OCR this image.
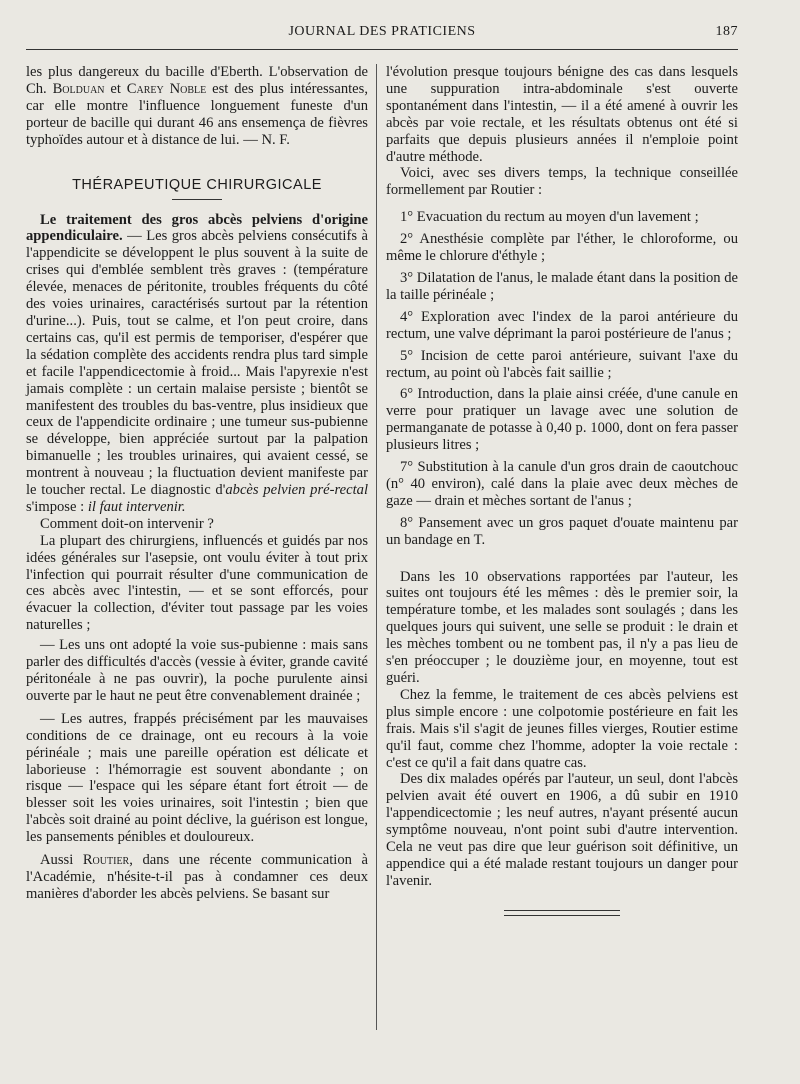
JOURNAL DES PRATICIENS	187

les plus dangereux du bacille d'Eberth. L'observation de Ch. Bolduan et Carey Noble est des plus intéressantes, car elle montre l'influence longuement funeste d'un porteur de bacille qui durant 46 ans ensemença de fièvres typhoïdes autour et à distance de lui. — N. F.

THÉRAPEUTIQUE CHIRURGICALE

Le traitement des gros abcès pelviens d'origine appendiculaire. — Les gros abcès pelviens consécutifs à l'appendicite se développent le plus souvent à la suite de crises qui d'emblée semblent très graves : (température élevée, menaces de péritonite, troubles fréquents du côté des voies urinaires, caractérisés surtout par la rétention d'urine...). Puis, tout se calme, et l'on peut croire, dans certains cas, qu'il est permis de temporiser, d'espérer que la sédation complète des accidents rendra plus tard simple et facile l'appendicectomie à froid... Mais l'apyrexie n'est jamais complète : un certain malaise persiste ; bientôt se manifestent des troubles du bas-ventre, plus insidieux que ceux de l'appendicite ordinaire ; une tumeur sus-pubienne se développe, bien appréciée surtout par la palpation bimanuelle ; les troubles urinaires, qui avaient cessé, se montrent à nouveau ; la fluctuation devient manifeste par le toucher rectal. Le diagnostic d'abcès pelvien pré-rectal s'impose : il faut intervenir.

Comment doit-on intervenir ?

La plupart des chirurgiens, influencés et guidés par nos idées générales sur l'asepsie, ont voulu éviter à tout prix l'infection qui pourrait résulter d'une communication de ces abcès avec l'intestin, — et se sont efforcés, pour évacuer la collection, d'éviter tout passage par les voies naturelles ;

— Les uns ont adopté la voie sus-pubienne : mais sans parler des difficultés d'accès (vessie à éviter, grande cavité péritonéale à ne pas ouvrir), la poche purulente ainsi ouverte par le haut ne peut être convenablement drainée ;

— Les autres, frappés précisément par les mauvaises conditions de ce drainage, ont eu recours à la voie périnéale ; mais une pareille opération est délicate et laborieuse : l'hémorragie est souvent abondante ; on risque — l'espace qui les sépare étant fort étroit — de blesser soit les voies urinaires, soit l'intestin ; bien que l'abcès soit drainé au point déclive, la guérison est longue, les pansements pénibles et douloureux.

Aussi Routier, dans une récente communication à l'Académie, n'hésite-t-il pas à condamner ces deux manières d'aborder les abcès pelviens. Se basant sur

l'évolution presque toujours bénigne des cas dans lesquels une suppuration intra-abdominale s'est ouverte spontanément dans l'intestin, — il a été amené à ouvrir les abcès par voie rectale, et les résultats obtenus ont été si parfaits que depuis plusieurs années il n'emploie point d'autre méthode.

Voici, avec ses divers temps, la technique conseillée formellement par Routier :

1° Evacuation du rectum au moyen d'un lavement ;

2° Anesthésie complète par l'éther, le chloroforme, ou même le chlorure d'éthyle ;

3° Dilatation de l'anus, le malade étant dans la position de la taille périnéale ;

4° Exploration avec l'index de la paroi antérieure du rectum, une valve déprimant la paroi postérieure de l'anus ;

5° Incision de cette paroi antérieure, suivant l'axe du rectum, au point où l'abcès fait saillie ;

6° Introduction, dans la plaie ainsi créée, d'une canule en verre pour pratiquer un lavage avec une solution de permanganate de potasse à 0,40 p. 1000, dont on fera passer plusieurs litres ;

7° Substitution à la canule d'un gros drain de caoutchouc (n° 40 environ), calé dans la plaie avec deux mèches de gaze — drain et mèches sortant de l'anus ;

8° Pansement avec un gros paquet d'ouate maintenu par un bandage en T.

Dans les 10 observations rapportées par l'auteur, les suites ont toujours été les mêmes : dès le premier soir, la température tombe, et les malades sont soulagés ; dans les quelques jours qui suivent, une selle se produit : le drain et les mèches tombent ou ne tombent pas, il n'y a pas lieu de s'en préoccuper ; le douzième jour, en moyenne, tout est guéri.

Chez la femme, le traitement de ces abcès pelviens est plus simple encore : une colpotomie postérieure en fait les frais. Mais s'il s'agit de jeunes filles vierges, Routier estime qu'il faut, comme chez l'homme, adopter la voie rectale : c'est ce qu'il a fait dans quatre cas.

Des dix malades opérés par l'auteur, un seul, dont l'abcès pelvien avait été ouvert en 1906, a dû subir en 1910 l'appendicectomie ; les neuf autres, n'ayant présenté aucun symptôme nouveau, n'ont point subi d'autre intervention. Cela ne veut pas dire que leur guérison soit définitive, un appendice qui a été malade restant toujours un danger pour l'avenir.
